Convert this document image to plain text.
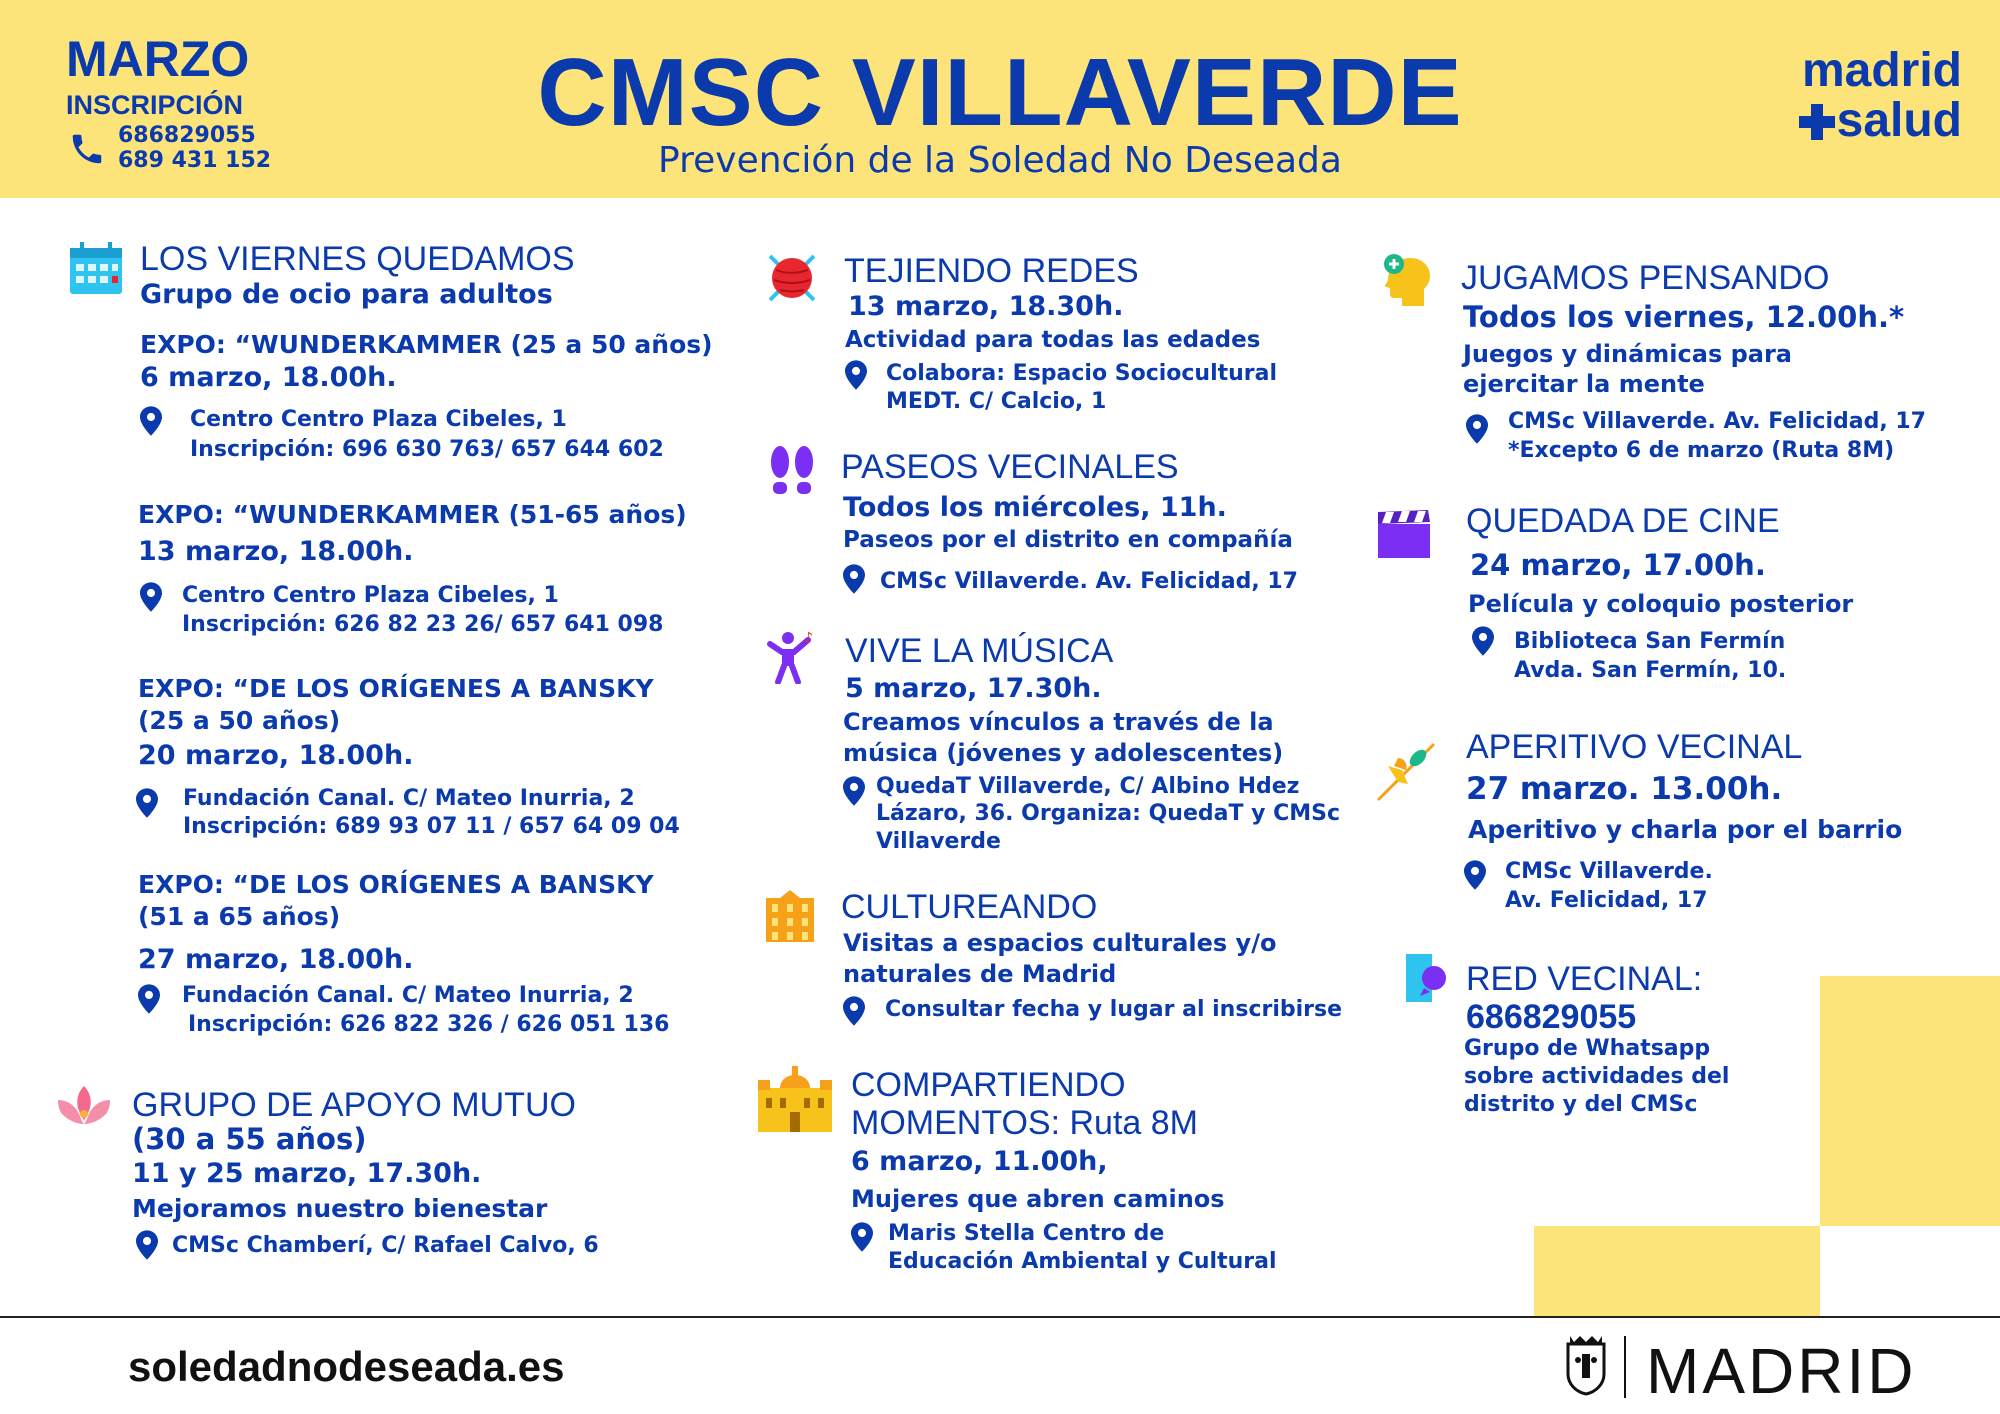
MARZO
INSCRIPCIÓN
686829055
689 431 152
CMSC VILLAVERDE
Prevención de la Soledad No Deseada
madrid
salud
LOS VIERNES QUEDAMOS
Grupo de ocio para adultos
EXPO: “WUNDERKAMMER (25 a 50 años)
6 marzo, 18.00h.
Centro Centro Plaza Cibeles, 1
Inscripción: 696 630 763/ 657 644 602
EXPO: “WUNDERKAMMER (51-65 años)
13 marzo, 18.00h.
Centro Centro Plaza Cibeles, 1
Inscripción: 626 82 23 26/ 657 641 098
EXPO: “DE LOS ORÍGENES A BANSKY
(25 a 50 años)
20 marzo, 18.00h.
Fundación Canal. C/ Mateo Inurria, 2
Inscripción: 689 93 07 11 / 657 64 09 04
EXPO: “DE LOS ORÍGENES A BANSKY
(51 a 65 años)
27 marzo, 18.00h.
Fundación Canal. C/ Mateo Inurria, 2
Inscripción: 626 822 326 / 626 051 136
GRUPO DE APOYO MUTUO
(30 a 55 años)
11 y 25 marzo, 17.30h.
Mejoramos nuestro bienestar
CMSc Chamberí, C/ Rafael Calvo, 6
TEJIENDO REDES
13 marzo, 18.30h.
Actividad para todas las edades
Colabora: Espacio Sociocultural
MEDT. C/ Calcio, 1
PASEOS VECINALES
Todos los miércoles, 11h.
Paseos por el distrito en compañía
CMSc Villaverde. Av. Felicidad, 17
♪ VIVE LA MÚSICA
5 marzo, 17.30h.
Creamos vínculos a través de la
música (jóvenes y adolescentes)
QuedaT Villaverde, C/ Albino Hdez
Lázaro, 36. Organiza: QuedaT y CMSc
Villaverde
CULTUREANDO
Visitas a espacios culturales y/o
naturales de Madrid
Consultar fecha y lugar al inscribirse
COMPARTIENDO
MOMENTOS: Ruta 8M
6 marzo, 11.00h,
Mujeres que abren caminos
Maris Stella Centro de
Educación Ambiental y Cultural
JUGAMOS PENSANDO
Todos los viernes, 12.00h.*
Juegos y dinámicas para
ejercitar la mente
CMSc Villaverde. Av. Felicidad, 17
*Excepto 6 de marzo (Ruta 8M)
QUEDADA DE CINE
24 marzo, 17.00h.
Película y coloquio posterior
Biblioteca San Fermín
Avda. San Fermín, 10.
APERITIVO VECINAL
27 marzo. 13.00h.
Aperitivo y charla por el barrio
CMSc Villaverde.
Av. Felicidad, 17
RED VECINAL:
686829055
Grupo de Whatsapp
sobre actividades del
distrito y del CMSc
soledadnodeseada.es	MADRID
